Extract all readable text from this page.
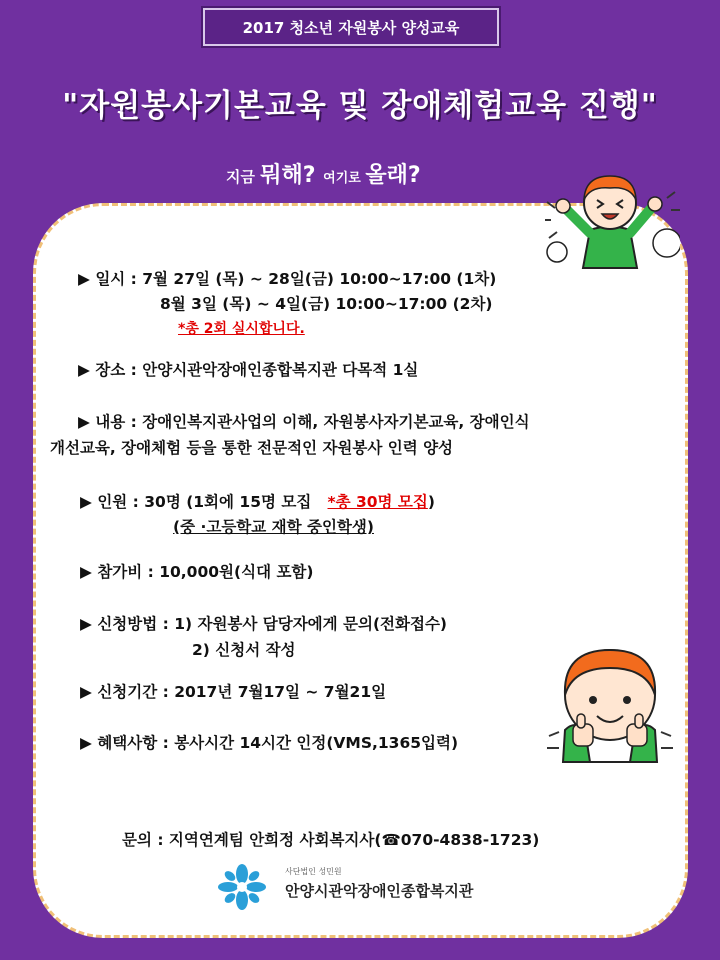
2017 청소년 자원봉사 양성교육
"자원봉사기본교육 및 장애체험교육 진행"
지금 뭐해? 여기로 올래?
▶ 일시 : 7월 27일 (목) ~ 28일(금) 10:00~17:00 (1차)
8월 3일 (목) ~ 4일(금) 10:00~17:00 (2차)
*총 2회 실시합니다.
▶ 장소 : 안양시관악장애인종합복지관 다목적 1실
▶ 내용 : 장애인복지관사업의 이해, 자원봉사자기본교육, 장애인식
개선교육, 장애체험 등을 통한 전문적인 자원봉사 인력 양성
▶ 인원 : 30명 (1회에 15명 모집 *총 30명 모집)
(중 ·고등학교 재학 중인학생)
▶ 참가비 : 10,000원(식대 포함)
▶ 신청방법 : 1) 자원봉사 담당자에게 문의(전화접수)
2) 신청서 작성
▶ 신청기간 : 2017년 7월17일 ~ 7월21일
▶ 혜택사항 : 봉사시간 14시간 인정(VMS,1365입력)
문의 : 지역연계팀 안희정 사회복지사(☎070-4838-1723)
사단법인 성민원
안양시관악장애인종합복지관
